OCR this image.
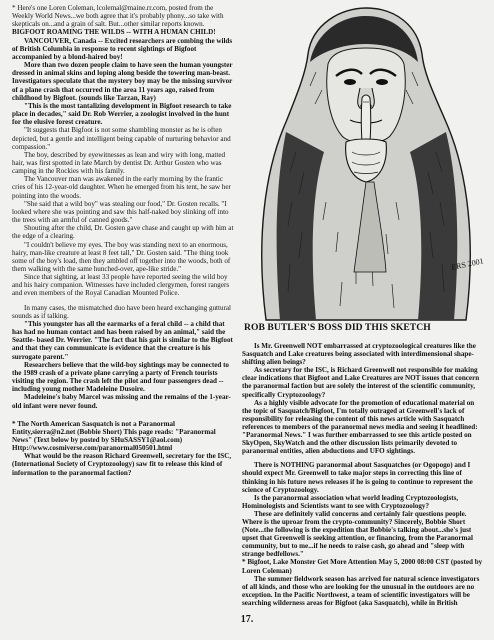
* Here's one Loren Coleman, lcolemal@maine.rr.com, posted from the Weekly World News...we both agree that it's probably phony...so take with skepticals on...and a grain of salt. But...other similar reports known.

BIGFOOT ROAMING THE WILDS -- WITH A HUMAN CHILD!

VANCOUVER, Canada -- Excited researchers are combing the wilds of British Columbia in response to recent sightings of Bigfoot accompanied by a blond-haired boy!

More than two dozen people claim to have seen the human youngster dressed in animal skins and loping along beside the towering man-beast. Investigators speculate that the mystery boy may be the missing survivor of a plane crash that occurred in the area 11 years ago, raised from childhood by Bigfoot. (sounds like Tarzan, Ray)

"This is the most tantalizing development in Bigfoot research to take place in decades," said Dr. Rob Werrier, a zoologist involved in the hunt for the elusive forest creature.

"It suggests that Bigfoot is not some shambling monster as he is often depicted, but a gentle and intelligent being capable of nurturing behavior and compassion."

The boy, described by eyewitnesses as lean and wiry with long, matted hair, was first spotted in late March by dentist Dr. Arthur Gosten who was camping in the Rockies with his family.

The Vancouver man was awakened in the early morning by the frantic cries of his 12-year-old daughter. When he emerged from his tent, he saw her pointing into the woods.

"She said that a wild boy" was stealing our food," Dr. Gosten recalls. "I looked where she was pointing and saw this half-naked boy slinking off into the trees with an armful of canned goods."

Shouting after the child, Dr. Gosten gave chase and caught up with him at the edge of a clearing.

"I couldn't believe my eyes. The boy was standing next to an enormous, hairy, man-like creature at least 8 feet tall," Dr. Gosten said. "The thing took some of the boy's load, then they ambled off together into the woods, both of them walking with the same hunched-over, ape-like stride."

Since that sighting, at least 33 people have reported seeing the wild boy and his hairy companion. Witnesses have included clergymen, forest rangers and even members of the Royal Canadian Mounted Police.

In many cases, the mismatched duo have been heard exchanging guttural sounds as if talking.

"This youngster has all the earmarks of a feral child -- a child that has had no human contact and has been raised by an animal," said the Seattle- based Dr. Werrier. "The fact that his gait is similar to the Bigfoot and that they can communicate is evidence that the creature is his surrogate parent."

Researchers believe that the wild-boy sightings may be connected to the 1989 crash of a private plane carrying a party of French tourists visiting the region. The crash left the pilot and four passengers dead -- including young mother Madeleine Dusoire.

Madeleine's baby Marcel was missing and the remains of the 1-year-old infant were never found.

* The North American Sasquatch is not a Paranormal Entity,sierra@n2.net (Bobbie Short) This page reads: "Paranormal News" (Text below by posted by SHuSASSY1@aol.com) Http://www.cosmiverse.com/paranormal050501.html

What would be the reason Richard Greenwell, secretary for the ISC, (International Society of Cryptozoology) saw fit to release this kind of information to the paranormal faction?

ERS 2001
ROB BUTLER'S BOSS DID THIS SKETCH

Is Mr. Greenwell NOT embarrassed at cryptozoological creatures like the Sasquatch and Lake creatures being associated with interdimensional shape-shifting alien beings?

As secretary for the ISC, is Richard Greenwell not responsible for making clear indications that Bigfoot and Lake Creatures are NOT issues that concern the paranormal faction but are solely the interest of the scientific community, specifically Cryptozoology?

As a highly visible advocate for the promotion of educational material on the topic of Sasquatch/Bigfoot, I'm totally outraged at Greenwell's lack of responsibility for releasing the content of this news article with Sasquatch references to members of the paranormal news media and seeing it headlined: "Paranormal News." I was further embarrassed to see this article posted on SkyOpen, SkyWatch and the other discussion lists primarily devoted to paranormal entities, alien abductions and UFO sightings.

There is NOTHING paranormal about Sasquatches (or Ogopogo) and I should expect Mr. Greenwell to take major steps in correcting this line of thinking in his future news releases if he is going to continue to represent the science of Cryptozoology.

Is the paranormal association what world leading Cryptozoologists, Hominologists and Scientists want to see with Cryptozoology?

These are definitely valid concerns and certainly fair questions people. Where is the uproar from the crypto-community? Sincerely, Bobbie Short

(Note...the following is the expedition that Bobbie's talking about...she's just upset that Greenwell is seeking attention, or financing, from the Paranormal community, but to me...if he needs to raise cash, go ahead and "sleep with strange bedfellows."

* Bigfoot, Lake Monster Get More Attention May 5, 2000 08:00 CST (posted by Loren Coleman)

The summer fieldwork season has arrived for natural science investigators of all kinds, and those who are looking for the unusual in the outdoors are no exception. In the Pacific Northwest, a team of scientific investigators will be searching wilderness areas for Bigfoot (aka Sasquatch), while in British

17.
